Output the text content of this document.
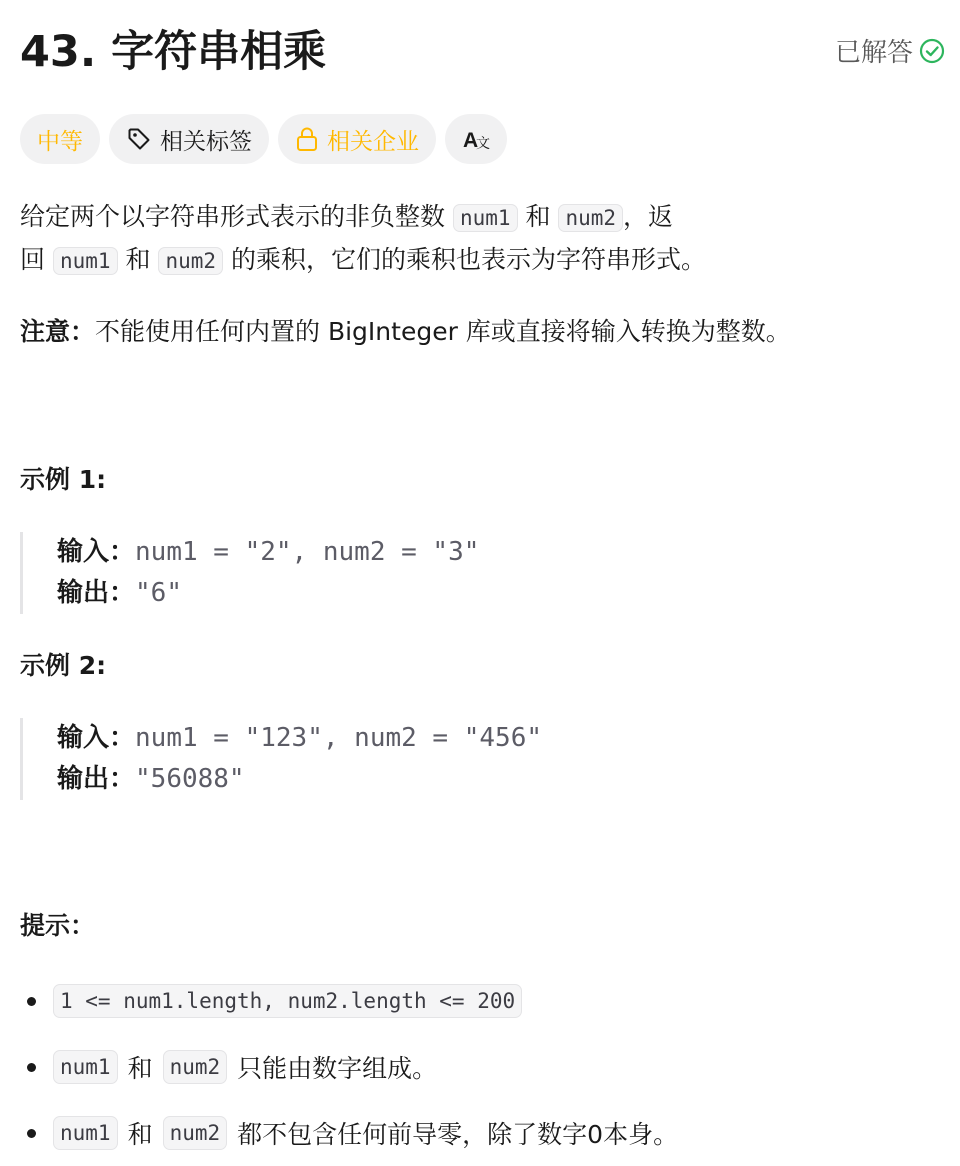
43. 字符串相乘	已解答
中等	相关标签	相关企业 A
文

给定两个以字符串形式表示的非负整数 num1 和 num2 ，返

回 num1 和 num2 的乘积，它们的乘积也表示为字符串形式。

注意：不能使用任何内置的 BigInteger 库或直接将输入转换为整数。

示例 1:
输入：num1 = "2", num2 = "3"
输出："6"
示例 2:
输入：num1 = "123", num2 = "456"
输出："56088"
提示：
1 <= num1.length, num2.length <= 200
num1 和 num2 只能由数字组成。
num1 和 num2 都不包含任何前导零，除了数字0本身。
